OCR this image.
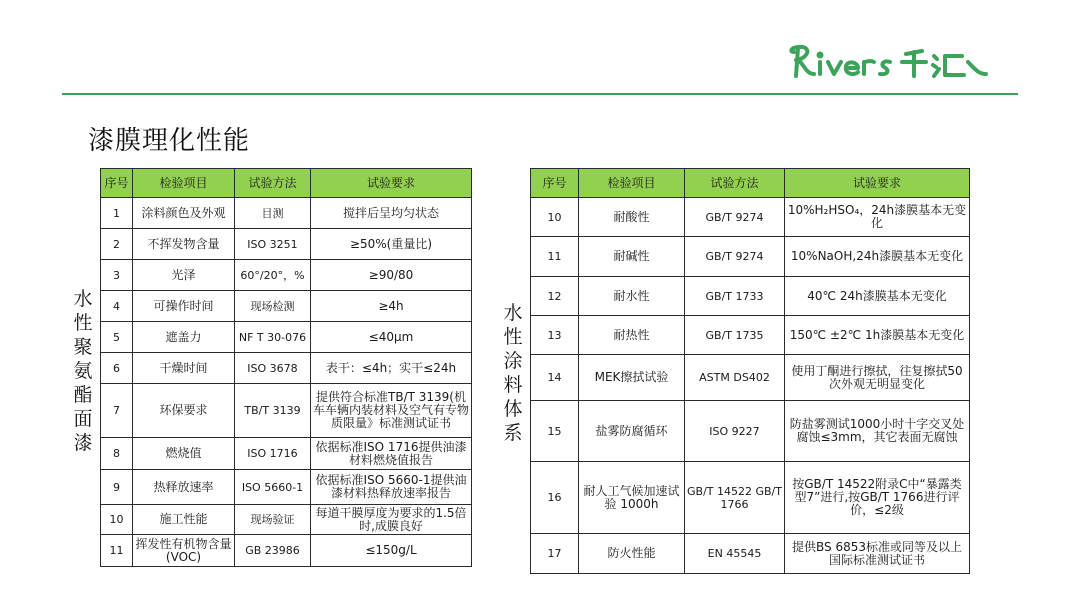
漆膜理化性能
水性聚氨酯面漆
水性涂料体系
序号	检验项目	试验方法	试验要求
1	涂料颜色及外观	目测	搅拌后呈均匀状态
2	不挥发物含量	ISO 3251	≥50%(重量比)
3	光泽	60°/20°，%	≥90/80
4	可操作时间	现场检测	≥4h
5	遮盖力	NF T 30-076	≤40μm
6	干燥时间	ISO 3678	表干：≤4h；实干≤24h
7	环保要求	TB/T 3139	提供符合标准TB/T 3139(机车车辆内装材料及空气有专物质限量》标准测试证书
8	燃烧值	ISO 1716	依据标准ISO 1716提供油漆材料燃烧值报告
9	热释放速率	ISO 5660-1	依据标准ISO 5660-1提供油漆材料热释放速率报告
10	施工性能	现场验证	每道干膜厚度为要求的1.5倍时,成膜良好
11	挥发性有机物含量(VOC)	GB 23986	≤150g/L
序号	检验项目	试验方法	试验要求
10	耐酸性	GB/T 9274	10%H₂HSO₄，24h漆膜基本无变化
11	耐碱性	GB/T 9274	10%NaOH,24h漆膜基本无变化
12	耐水性	GB/T 1733	40℃ 24h漆膜基本无变化
13	耐热性	GB/T 1735	150℃ ±2℃ 1h漆膜基本无变化
14	MEK擦拭试验	ASTM DS402	使用丁酮进行擦拭，往复擦拭50次外观无明显变化
15	盐雾防腐循环	ISO 9227	防盐雾测试1000小时十字交叉处腐蚀≤3mm，其它表面无腐蚀
16	耐人工气候加速试验 1000h	GB/T 14522 GB/T 1766	按GB/T 14522附录C中“暴露类型7”进行,按GB/T 1766进行评价，≤2级
17	防火性能	EN 45545	提供BS 6853标准或同等及以上国际标准测试证书
